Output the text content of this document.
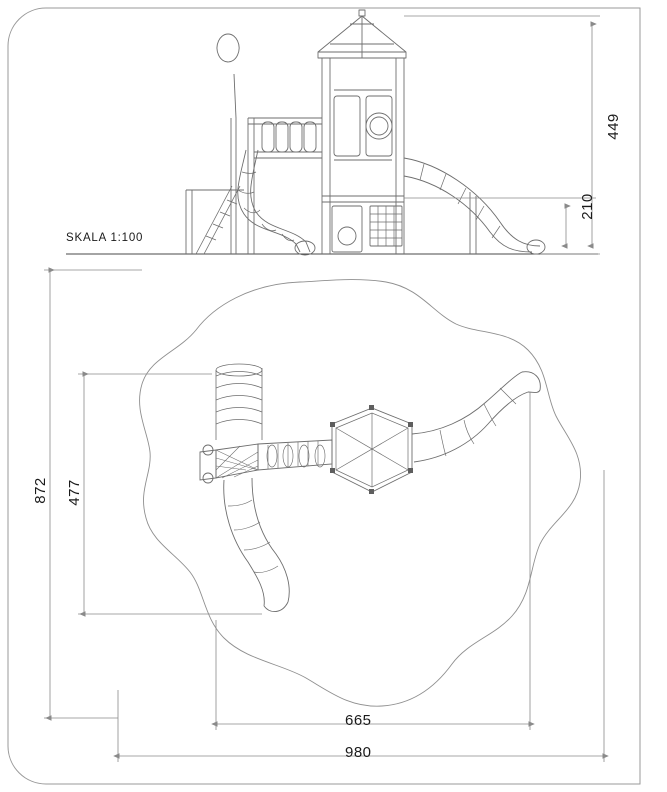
SKALA 1:100
449
210
872 477
665
980
